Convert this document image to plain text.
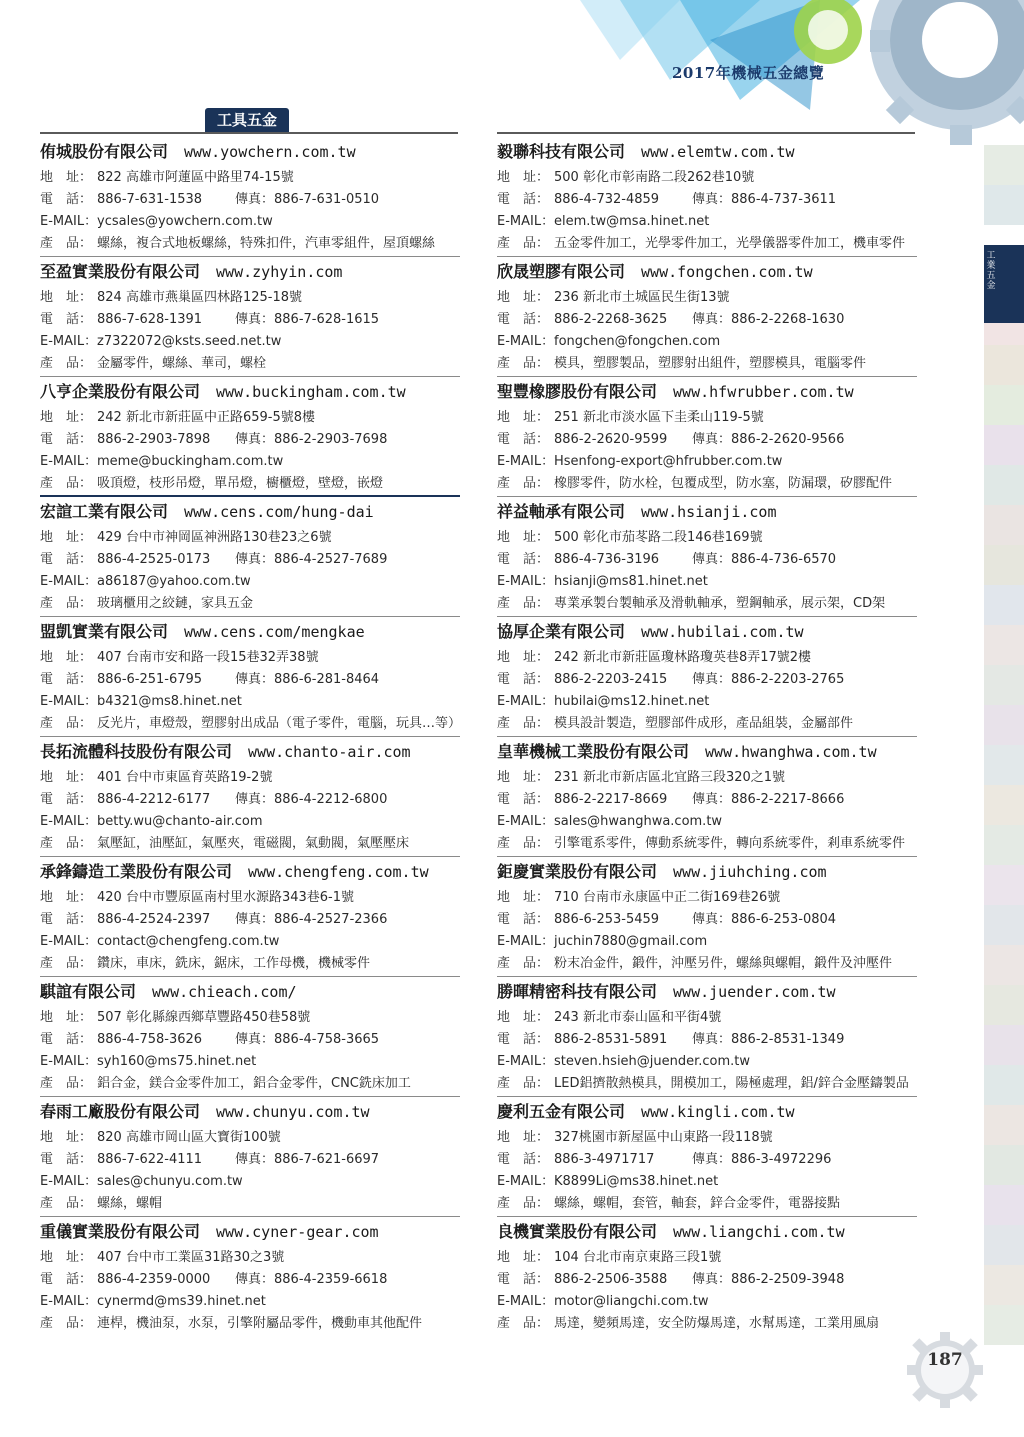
2017年機械五金總覽
工具五金
工業五金
侑城股份有限公司 www.yowchern.com.tw
地　址： 822 高雄市阿蓮區中路里74-15號
電　話： 886-7-631-1538	傳真：886-7-631-0510
E-MAIL：ycsales@yowchern.com.tw
產　品： 螺絲，複合式地板螺絲，特殊扣件，汽車零組件，屋頂螺絲
至盈實業股份有限公司 www.zyhyin.com
地　址： 824 高雄市燕巢區四林路125-18號
電　話： 886-7-628-1391	傳真：886-7-628-1615
E-MAIL：z7322072@ksts.seed.net.tw
產　品： 金屬零件，螺絲、華司，螺栓
八亨企業股份有限公司 www.buckingham.com.tw
地　址： 242 新北市新莊區中正路659-5號8樓
電　話： 886-2-2903-7898 傳真：886-2-2903-7698
E-MAIL：meme@buckingham.com.tw
產　品： 吸頂燈，枝形吊燈，單吊燈，櫥櫃燈，壁燈，嵌燈
宏諠工業有限公司 www.cens.com/hung-dai
地　址： 429 台中市神岡區神洲路130巷23之6號
電　話： 886-4-2525-0173 傳真：886-4-2527-7689
E-MAIL：a86187@yahoo.com.tw
產　品： 玻璃櫃用之絞鏈，家具五金
盟凱實業有限公司 www.cens.com/mengkae
地　址： 407 台南市安和路一段15巷32弄38號
電　話： 886-6-251-6795	傳真：886-6-281-8464
E-MAIL：b4321@ms8.hinet.net
產　品： 反光片，車燈殼，塑膠射出成品（電子零件，電腦，玩具…等）
長拓流體科技股份有限公司 www.chanto-air.com
地　址： 401 台中市東區育英路19-2號
電　話： 886-4-2212-6177 傳真：886-4-2212-6800
E-MAIL：betty.wu@chanto-air.com
產　品： 氣壓缸，油壓缸，氣壓夾，電磁閥，氣動閥，氣壓壓床
承鋒鑄造工業股份有限公司 www.chengfeng.com.tw
地　址： 420 台中市豐原區南村里水源路343巷6-1號
電　話： 886-4-2524-2397 傳真：886-4-2527-2366
E-MAIL：contact@chengfeng.com.tw
產　品： 鑽床，車床，銑床，鋸床，工作母機，機械零件
騏誼有限公司 www.chieach.com/
地　址： 507 彰化縣線西鄉草豐路450巷58號
電　話： 886-4-758-3626	傳真：886-4-758-3665
E-MAIL：syh160@ms75.hinet.net
產　品： 鋁合金，鎂合金零件加工，鋁合金零件，CNC銑床加工
春雨工廠股份有限公司 www.chunyu.com.tw
地　址： 820 高雄市岡山區大寶街100號
電　話： 886-7-622-4111	傳真：886-7-621-6697
E-MAIL：sales@chunyu.com.tw
產　品： 螺絲，螺帽
重儀實業股份有限公司 www.cyner-gear.com
地　址： 407 台中市工業區31路30之3號
電　話： 886-4-2359-0000 傳真：886-4-2359-6618
E-MAIL：cynermd@ms39.hinet.net
產　品： 連桿，機油泵，水泵，引擎附屬品零件，機動車其他配件
毅聯科技有限公司 www.elemtw.com.tw
地　址： 500 彰化市彰南路二段262巷10號
電　話： 886-4-732-4859	傳真：886-4-737-3611
E-MAIL：elem.tw@msa.hinet.net
產　品： 五金零件加工，光學零件加工，光學儀器零件加工，機車零件
欣晟塑膠有限公司 www.fongchen.com.tw
地　址： 236 新北市土城區民生街13號
電　話： 886-2-2268-3625 傳真：886-2-2268-1630
E-MAIL：fongchen@fongchen.com
產　品： 模具，塑膠製品，塑膠射出組件，塑膠模具，電腦零件
聖豐橡膠股份有限公司 www.hfwrubber.com.tw
地　址： 251 新北市淡水區下圭柔山119-5號
電　話： 886-2-2620-9599 傳真：886-2-2620-9566
E-MAIL：Hsenfong-export@hfrubber.com.tw
產　品： 橡膠零件，防水栓，包覆成型，防水塞，防漏環，矽膠配件
祥益軸承有限公司 www.hsianji.com
地　址： 500 彰化市茄苳路二段146巷169號
電　話： 886-4-736-3196	傳真：886-4-736-6570
E-MAIL：hsianji@ms81.hinet.net
產　品： 專業承製台製軸承及滑軌軸承，塑鋼軸承，展示架，CD架
協厚企業有限公司 www.hubilai.com.tw
地　址： 242 新北市新莊區瓊林路瓊英巷8弄17號2樓
電　話： 886-2-2203-2415 傳真：886-2-2203-2765
E-MAIL：hubilai@ms12.hinet.net
產　品： 模具設計製造，塑膠部件成形，產品組裝，金屬部件
皇華機械工業股份有限公司 www.hwanghwa.com.tw
地　址： 231 新北市新店區北宜路三段320之1號
電　話： 886-2-2217-8669 傳真：886-2-2217-8666
E-MAIL：sales@hwanghwa.com.tw
產　品： 引擎電系零件，傳動系統零件，轉向系統零件，剎車系統零件
鉅慶實業股份有限公司 www.jiuhching.com
地　址： 710 台南市永康區中正二街169巷26號
電　話： 886-6-253-5459	傳真：886-6-253-0804
E-MAIL：juchin7880@gmail.com
產　品： 粉末冶金件，鍛件，沖壓另件，螺絲與螺帽，鍛件及沖壓件
勝暉精密科技有限公司 www.juender.com.tw
地　址： 243 新北市泰山區和平街4號
電　話： 886-2-8531-5891 傳真：886-2-8531-1349
E-MAIL：steven.hsieh@juender.com.tw
產　品： LED鋁擠散熱模具，開模加工，陽極處理，鋁/鋅合金壓鑄製品
慶利五金有限公司 www.kingli.com.tw
地　址： 327桃園市新屋區中山東路一段118號
電　話： 886-3-4971717	傳真：886-3-4972296
E-MAIL：K8899Li@ms38.hinet.net
產　品： 螺絲，螺帽，套管，軸套，鋅合金零件，電器接點
良機實業股份有限公司 www.liangchi.com.tw
地　址： 104 台北市南京東路三段1號
電　話： 886-2-2506-3588 傳真：886-2-2509-3948
E-MAIL：motor@liangchi.com.tw
產　品： 馬達，變頻馬達，安全防爆馬達，水幫馬達，工業用風扇
187
